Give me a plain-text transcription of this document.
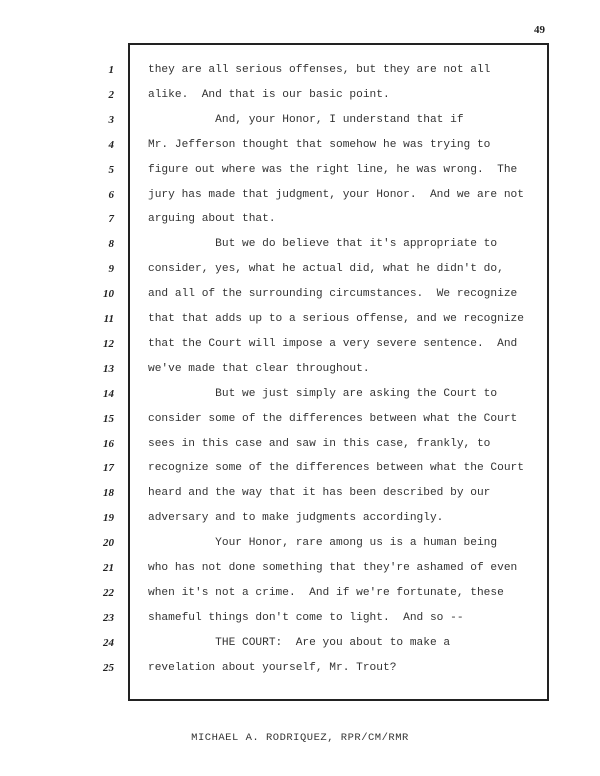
49
1	they are all serious offenses, but they are not all
2	alike.  And that is our basic point.
3	And, your Honor, I understand that if
4	Mr. Jefferson thought that somehow he was trying to
5	figure out where was the right line, he was wrong.  The
6	jury has made that judgment, your Honor.  And we are not
7	arguing about that.
8	But we do believe that it's appropriate to
9	consider, yes, what he actual did, what he didn't do,
10	and all of the surrounding circumstances.  We recognize
11	that that adds up to a serious offense, and we recognize
12	that the Court will impose a very severe sentence.  And
13	we've made that clear throughout.
14	But we just simply are asking the Court to
15	consider some of the differences between what the Court
16	sees in this case and saw in this case, frankly, to
17	recognize some of the differences between what the Court
18	heard and the way that it has been described by our
19	adversary and to make judgments accordingly.
20	Your Honor, rare among us is a human being
21	who has not done something that they're ashamed of even
22	when it's not a crime.  And if we're fortunate, these
23	shameful things don't come to light.  And so --
24	THE COURT:  Are you about to make a
25	revelation about yourself, Mr. Trout?
MICHAEL A. RODRIQUEZ, RPR/CM/RMR
